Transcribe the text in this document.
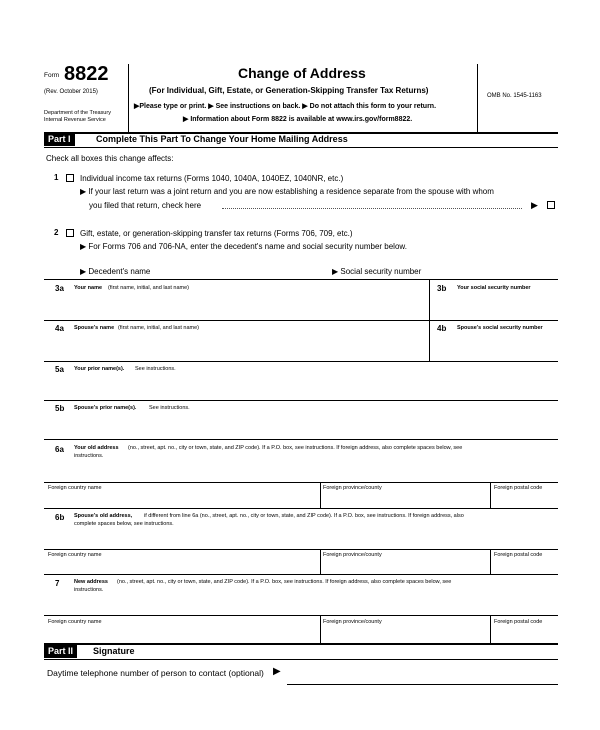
Form 8822
(Rev. October 2015)
Department of the Treasury
Internal Revenue Service
Change of Address
(For Individual, Gift, Estate, or Generation-Skipping Transfer Tax Returns)
▶Please type or print. ▶ See instructions on back. ▶ Do not attach this form to your return.
▶ Information about Form 8822 is available at www.irs.gov/form8822.
OMB No. 1545-1163
Part I	Complete This Part To Change Your Home Mailing Address
Check all boxes this change affects:
1	Individual income tax returns (Forms 1040, 1040A, 1040EZ, 1040NR, etc.)
▶ If your last return was a joint return and you are now establishing a residence separate from the spouse with whom
you filed that return, check here	▶
2	Gift, estate, or generation-skipping transfer tax returns (Forms 706, 709, etc.)
▶ For Forms 706 and 706-NA, enter the decedent's name and social security number below.
▶ Decedent's name	▶ Social security number
3a Your name (first name, initial, and last name)	3b Your social security number
4a Spouse's name (first name, initial, and last name)	4b Spouse's social security number
5a Your prior name(s). See instructions.
5b Spouse's prior name(s). See instructions.
6a Your old address (no., street, apt. no., city or town, state, and ZIP code). If a P.O. box, see instructions. If foreign address, also complete spaces below, see
instructions.
Foreign country name	Foreign province/county	Foreign postal code
6b Spouse's old address, if different from line 6a (no., street, apt. no., city or town, state, and ZIP code). If a P.O. box, see instructions. If foreign address, also
complete spaces below, see instructions.
Foreign country name	Foreign province/county	Foreign postal code
7	New address (no., street, apt. no., city or town, state, and ZIP code). If a P.O. box, see instructions. If foreign address, also complete spaces below, see
instructions.
Foreign country name	Foreign province/county	Foreign postal code
Part II	Signature
Daytime telephone number of person to contact (optional) ▶
